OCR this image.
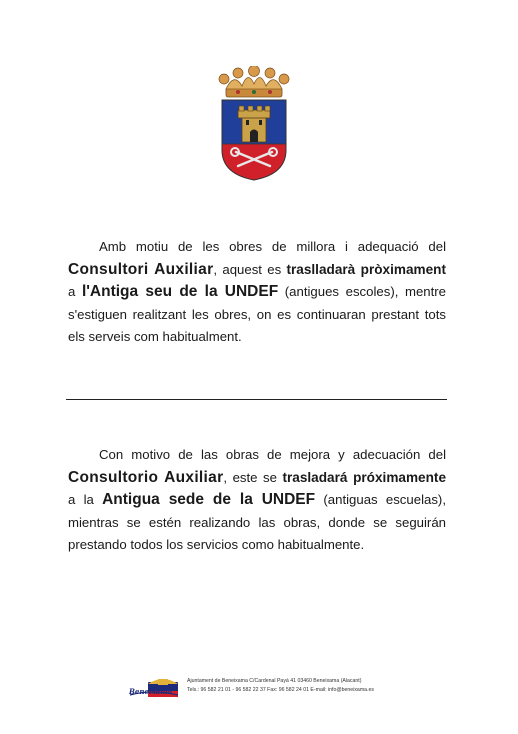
Amb motiu de les obres de millora i adequació del Consultori Auxiliar, aquest es traslladarà pròximament a l'Antiga seu de la UNDEF (antigues escoles), mentre s'estiguen realitzant les obres, on es continuaran prestant tots els serveis com habitualment.

Con motivo de las obras de mejora y adecuación del Consultorio Auxiliar, este se trasladará próximamente a la Antigua sede de la UNDEF (antiguas escuelas), mientras se estén realizando las obras, donde se seguirán prestando todos los servicios como habitualmente.

Beneixama
Ajuntament de Beneixama C/Cardenal Payá 41 03460 Beneixama (Alacant)
Tels.: 96 582 21 01 - 96 582 22 37 Fax: 96 582 24 01 E-mail: info@beneixama.es
